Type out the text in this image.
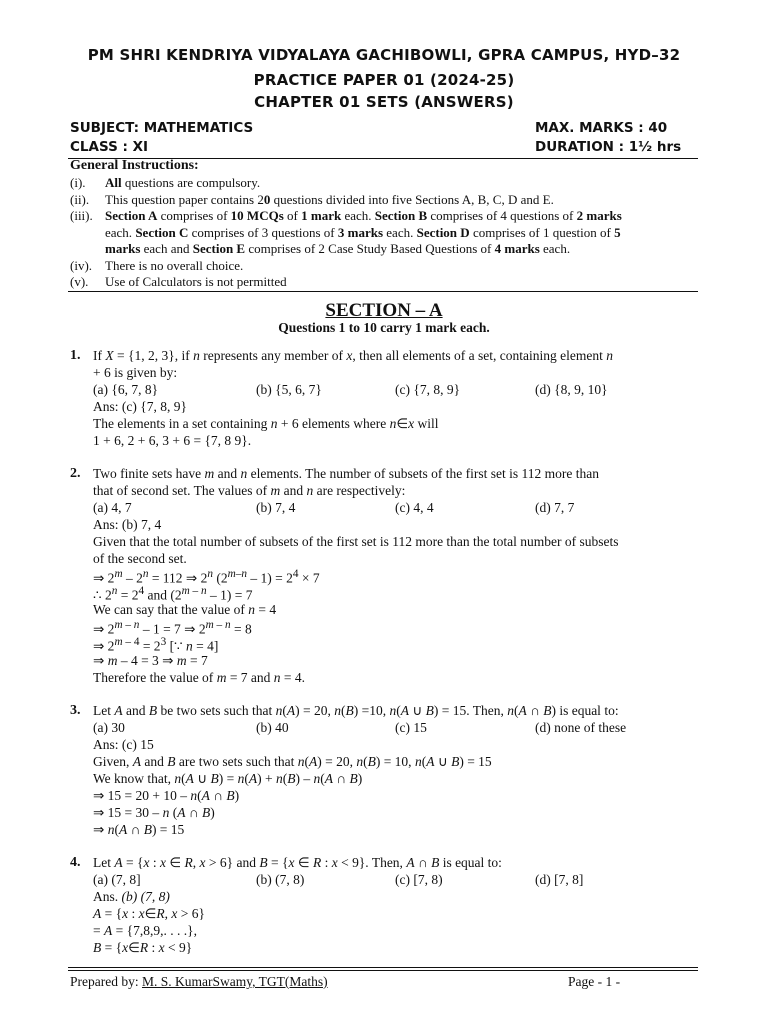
PM SHRI KENDRIYA VIDYALAYA GACHIBOWLI, GPRA CAMPUS, HYD–32
PRACTICE PAPER 01 (2024-25)
CHAPTER 01 SETS (ANSWERS)
SUBJECT: MATHEMATICS	MAX. MARKS : 40
CLASS : XI	DURATION : 1½ hrs
General Instructions:
(i). All questions are compulsory.
(ii). This question paper contains 20 questions divided into five Sections A, B, C, D and E.
(iii). Section A comprises of 10 MCQs of 1 mark each. Section B comprises of 4 questions of 2 marks
each. Section C comprises of 3 questions of 3 marks each. Section D comprises of 1 question of 5
marks each and Section E comprises of 2 Case Study Based Questions of 4 marks each.
(iv). There is no overall choice.
(v). Use of Calculators is not permitted
SECTION – A
Questions 1 to 10 carry 1 mark each.
1. If X = {1, 2, 3}, if n represents any member of x, then all elements of a set, containing element n
+ 6 is given by:
(a) {6, 7, 8}	(b) {5, 6, 7}	(c) {7, 8, 9}	(d) {8, 9, 10}
Ans: (c) {7, 8, 9}
The elements in a set containing n + 6 elements where n∈x will
1 + 6, 2 + 6, 3 + 6 = {7, 8 9}.
2. Two finite sets have m and n elements. The number of subsets of the first set is 112 more than
that of second set. The values of m and n are respectively:
(a) 4, 7	(b) 7, 4	(c) 4, 4	(d) 7, 7
Ans: (b) 7, 4
Given that the total number of subsets of the first set is 112 more than the total number of subsets
of the second set.
⇒ $2^m - 2^n = 112$ ⇒ 2$^n$ $(2^{m-n} - 1) = 2^4 \times 7$
∴ $2^n = 2^4$ and (2$^{m - n}$ – 1) = 7
We can say that the value of n = 4
⇒ 2$^{m - n}$ – 1 = 7 ⇒ $2^{m - n} = 8$
⇒ $2^{m - 4} = 2^3$ [∵ n = 4]
⇒ m – 4 = 3 ⇒ m = 7
Therefore the value of m = 7 and n = 4.
3. Let A and B be two sets such that n(A) = 20, n(B) =10, n(A ∪ B) = 15. Then, n(A ∩ B) is equal to:
(a) 30	(b) 40	(c) 15	(d) none of these
Ans: (c) 15
Given, A and B are two sets such that n(A) = 20, n(B) = 10, n(A ∪ B) = 15
We know that, n(A ∪ B) = n(A) + n(B) – n(A ∩ B)
⇒ 15 = 20 + 10 – n(A ∩ B)
⇒ 15 = 30 – n (A ∩ B)
⇒ n(A ∩ B) = 15
4. Let A = {x : x ∈ R, x > 6} and B = {x ∈ R : x < 9}. Then, A ∩ B is equal to:
(a) (7, 8]	(b) (7, 8)	(c) [7, 8)	(d) [7, 8]
Ans. (b) (7, 8)
A = {x : x∈R, x > 6}
= A = {7,8,9,. . . .},
B = {x∈R : x < 9}
Prepared by: M. S. KumarSwamy, TGT(Maths)	Page - 1 -
